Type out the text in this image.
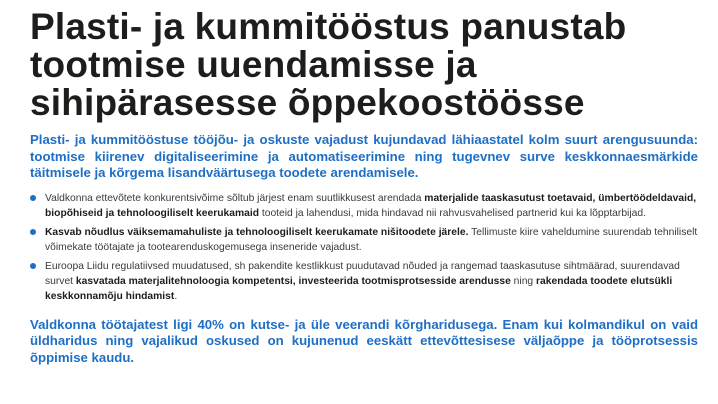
Plasti- ja kummitööstus panustab tootmise uuendamisse ja sihipärasesse õppekoostöösse

Plasti- ja kummitööstuse tööjõu- ja oskuste vajadust kujundavad lähiaastatel kolm suurt arengusuunda: tootmise kiirenev digitaliseerimine ja automatiseerimine ning tugevnev surve keskkonnaesmärkide täitmisele ja kõrgema lisandväärtusega toodete arendamisele.

Valdkonna ettevõtete konkurentsivõime sõltub järjest enam suutlikkusest arendada materjalide taaskasutust toetavaid, ümbertöödeldavaid, biopõhiseid ja tehnoloogiliselt keerukamaid tooteid ja lahendusi, mida hindavad nii rahvusvahelised partnerid kui ka lõpptarbijad.
Kasvab nõudlus väiksemamahuliste ja tehnoloogiliselt keerukamate nišitoodete järele. Tellimuste kiire vaheldumine suurendab tehniliselt võimekate töötajate ja tootearenduskogemusega inseneride vajadust.
Euroopa Liidu regulatiivsed muudatused, sh pakendite kestlikkust puudutavad nõuded ja rangemad taaskasutuse sihtmäärad, suurendavad survet kasvatada materjalitehnoloogia kompetentsi, investeerida tootmisprotsesside arendusse ning rakendada toodete elutsükli keskkonnamõju hindamist.

Valdkonna töötajatest ligi 40% on kutse- ja üle veerandi kõrgharidusega. Enam kui kolmandikul on vaid üldharidus ning vajalikud oskused on kujunenud eeskätt ettevõttesisese väljaõppe ja tööprotsessis õppimise kaudu.
